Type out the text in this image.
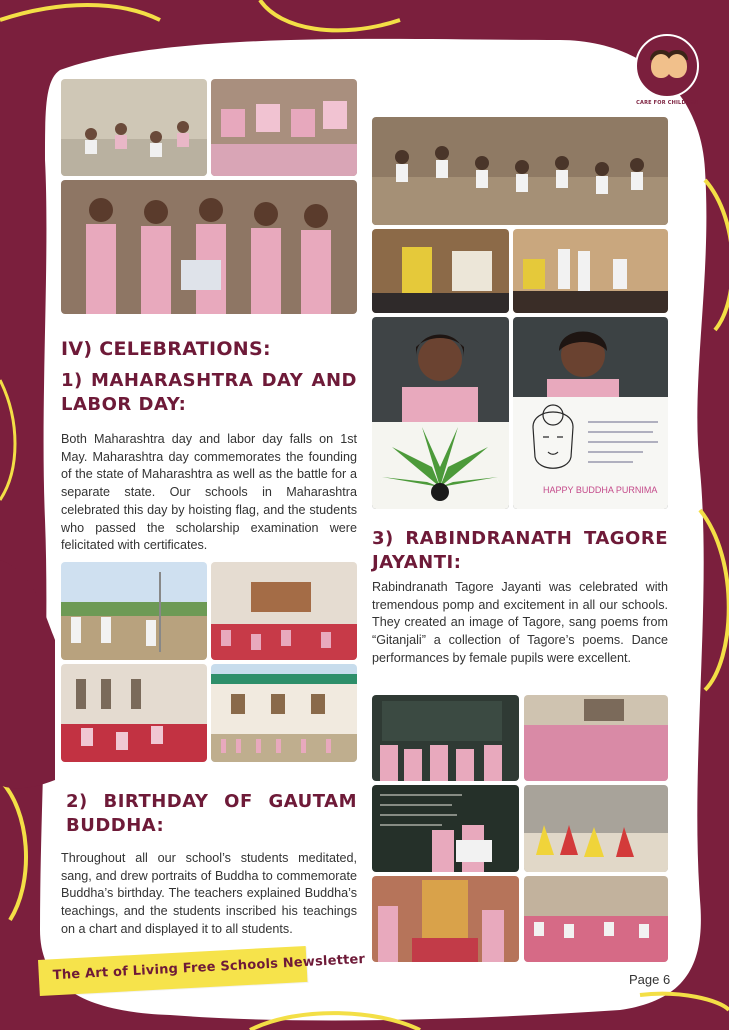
CARE FOR CHILDREN
IV) CELEBRATIONS:
1) MAHARASHTRA DAY AND LABOR DAY:

Both Maharashtra day and labor day falls on 1st May. Maharashtra day commemorates the founding of the state of Maharashtra as well as the battle for a separate state. Our schools in Maharashtra celebrated this day by hoisting flag, and the students who passed the scholarship examination were felicitated with certificates.

2) BIRTHDAY OF GAUTAM BUDDHA:

Throughout all our school’s students meditated, sang, and drew portraits of Buddha to commemorate Buddha’s birthday. The teachers explained Buddha’s teachings, and the students inscribed his teachings on a chart and displayed it to all students.

HAPPY BUDDHA PURNIMA
3) RABINDRANATH TAGORE JAYANTI:

Rabindranath Tagore Jayanti was celebrated with tremendous pomp and excitement in all our schools. They created an image of Tagore, sang poems from “Gitanjali” a collection of Tagore’s poems. Dance performances by female pupils were excellent.

The Art of Living Free Schools Newsletter	Page 6
